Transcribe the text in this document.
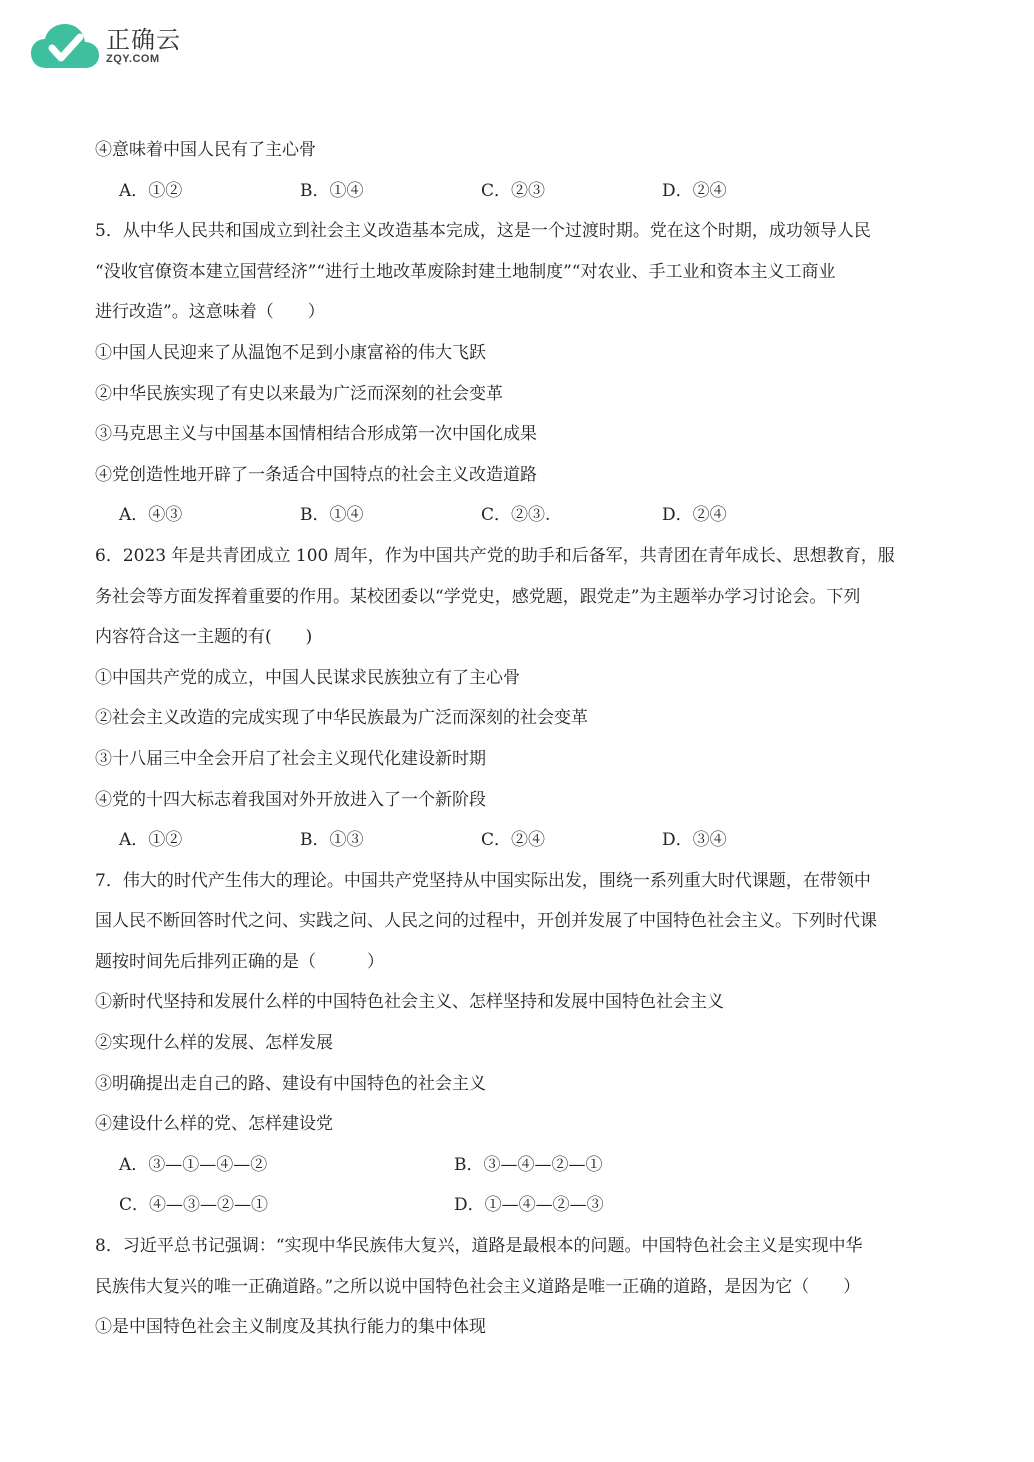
正确云
ZQY.COM
④意味着中国人民有了主心骨
A．①②	B．①④	C．②③	D．②④
5．从中华人民共和国成立到社会主义改造基本完成，这是一个过渡时期。党在这个时期，成功领导人民
“没收官僚资本建立国营经济”“进行土地改革废除封建土地制度”“对农业、手工业和资本主义工商业
进行改造”。这意味着（　　）
①中国人民迎来了从温饱不足到小康富裕的伟大飞跃
②中华民族实现了有史以来最为广泛而深刻的社会变革
③马克思主义与中国基本国情相结合形成第一次中国化成果
④党创造性地开辟了一条适合中国特点的社会主义改造道路
A．④③	B．①④	C．②③.	D．②④
6．2023 年是共青团成立 100 周年，作为中国共产党的助手和后备军，共青团在青年成长、思想教育，服
务社会等方面发挥着重要的作用。某校团委以“学党史，感党题，跟党走”为主题举办学习讨论会。下列
内容符合这一主题的有(　　)
①中国共产党的成立，中国人民谋求民族独立有了主心骨
②社会主义改造的完成实现了中华民族最为广泛而深刻的社会变革
③十八届三中全会开启了社会主义现代化建设新时期
④党的十四大标志着我国对外开放进入了一个新阶段
A．①②	B．①③	C．②④	D．③④
7．伟大的时代产生伟大的理论。中国共产党坚持从中国实际出发，围绕一系列重大时代课题，在带领中
国人民不断回答时代之问、实践之问、人民之问的过程中，开创并发展了中国特色社会主义。下列时代课
题按时间先后排列正确的是（　　　）
①新时代坚持和发展什么样的中国特色社会主义、怎样坚持和发展中国特色社会主义
②实现什么样的发展、怎样发展
③明确提出走自己的路、建设有中国特色的社会主义
④建设什么样的党、怎样建设党
A．③—①—④—②	B．③—④—②—①
C．④—③—②—①	D．①—④—②—③
8．习近平总书记强调：“实现中华民族伟大复兴，道路是最根本的问题。中国特色社会主义是实现中华
民族伟大复兴的唯一正确道路。”之所以说中国特色社会主义道路是唯一正确的道路，是因为它（　　）
①是中国特色社会主义制度及其执行能力的集中体现
